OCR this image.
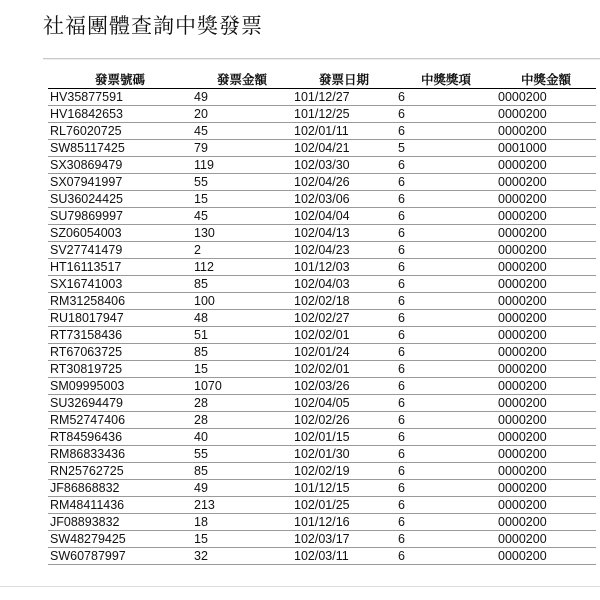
社福團體查詢中獎發票
發票號碼	發票金額	發票日期	中獎獎項	中獎金額
HV35877591	49	101/12/27	6	0000200
HV16842653	20	101/12/25	6	0000200
RL76020725	45	102/01/11	6	0000200
SW85117425	79	102/04/21	5	0001000
SX30869479	119	102/03/30	6	0000200
SX07941997	55	102/04/26	6	0000200
SU36024425	15	102/03/06	6	0000200
SU79869997	45	102/04/04	6	0000200
SZ06054003	130	102/04/13	6	0000200
SV27741479	2	102/04/23	6	0000200
HT16113517	112	101/12/03	6	0000200
SX16741003	85	102/04/03	6	0000200
RM31258406	100	102/02/18	6	0000200
RU18017947	48	102/02/27	6	0000200
RT73158436	51	102/02/01	6	0000200
RT67063725	85	102/01/24	6	0000200
RT30819725	15	102/02/01	6	0000200
SM09995003	1070	102/03/26	6	0000200
SU32694479	28	102/04/05	6	0000200
RM52747406	28	102/02/26	6	0000200
RT84596436	40	102/01/15	6	0000200
RM86833436	55	102/01/30	6	0000200
RN25762725	85	102/02/19	6	0000200
JF86868832	49	101/12/15	6	0000200
RM48411436	213	102/01/25	6	0000200
JF08893832	18	101/12/16	6	0000200
SW48279425	15	102/03/17	6	0000200
SW60787997	32	102/03/11	6	0000200
